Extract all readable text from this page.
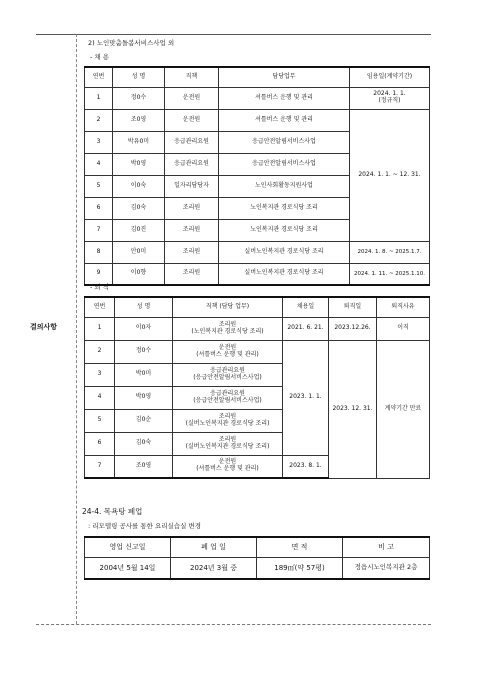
결의사항
2) 노인맞춤돌봄서비스사업 외
- 채 용
연번	성 명	직책	담당업무	임용일(계약기간)
1	정0수	운전원	셔틀버스 운행 및 관리	2024. 1. 1.
(정규직)

2	조0영	운전원	셔틀버스 운행 및 관리	2024. 1. 1. ~ 12. 31.
3	박유0미	응급관리요원	응급안전알림서비스사업	
4	박0영	응급관리요원	응급안전알림서비스사업	
5	이0숙	일자리담당자	노인사회활동지원사업	
6	김0숙	조리원	노인복지관 경로식당 조리	
7	김0진	조리원	노인복지관 경로식당 조리	
8	안0미	조리원	실버노인복지관 경로식당 조리	2024. 1. 8. ~ 2025.1.7.
9	이0향	조리원	실버노인복지관 경로식당 조리	2024. 1. 11. ~ 2025.1.10.
- 퇴 직
연번	성 명	직책 (담당 업무)	채용일	퇴직일	퇴직사유
1	이0자	조리원
(노인복지관 경로식당 조리)	2021. 6. 21.	2023.12.26.	이직
2	정0수	운전원
(셔틀버스 운행 및 관리)	2023. 1. 1.	2023. 12. 31.	계약기간 만료
3	박0미	응급관리요원
(응급안전알림서비스사업)			

4	박0영	응급관리요원
(응급안전알림서비스사업)			

5	김0순	조리원
(실버노인복지관 경로식당 조리)			

6	김0숙	조리원
(실버노인복지관 경로식당 조리)			

7	조0영	운전원
(셔틀버스 운행 및 관리)	2023. 8. 1.		
24-4. 목욕탕 폐업
: 리모델링 공사를 통한 요리실습실 변경
영업 신고일	폐 업 일	면 적	비 고
2004년 5월 14일	2024년 3월 중	189㎡(약 57평)	정읍시노인복지관 2층
